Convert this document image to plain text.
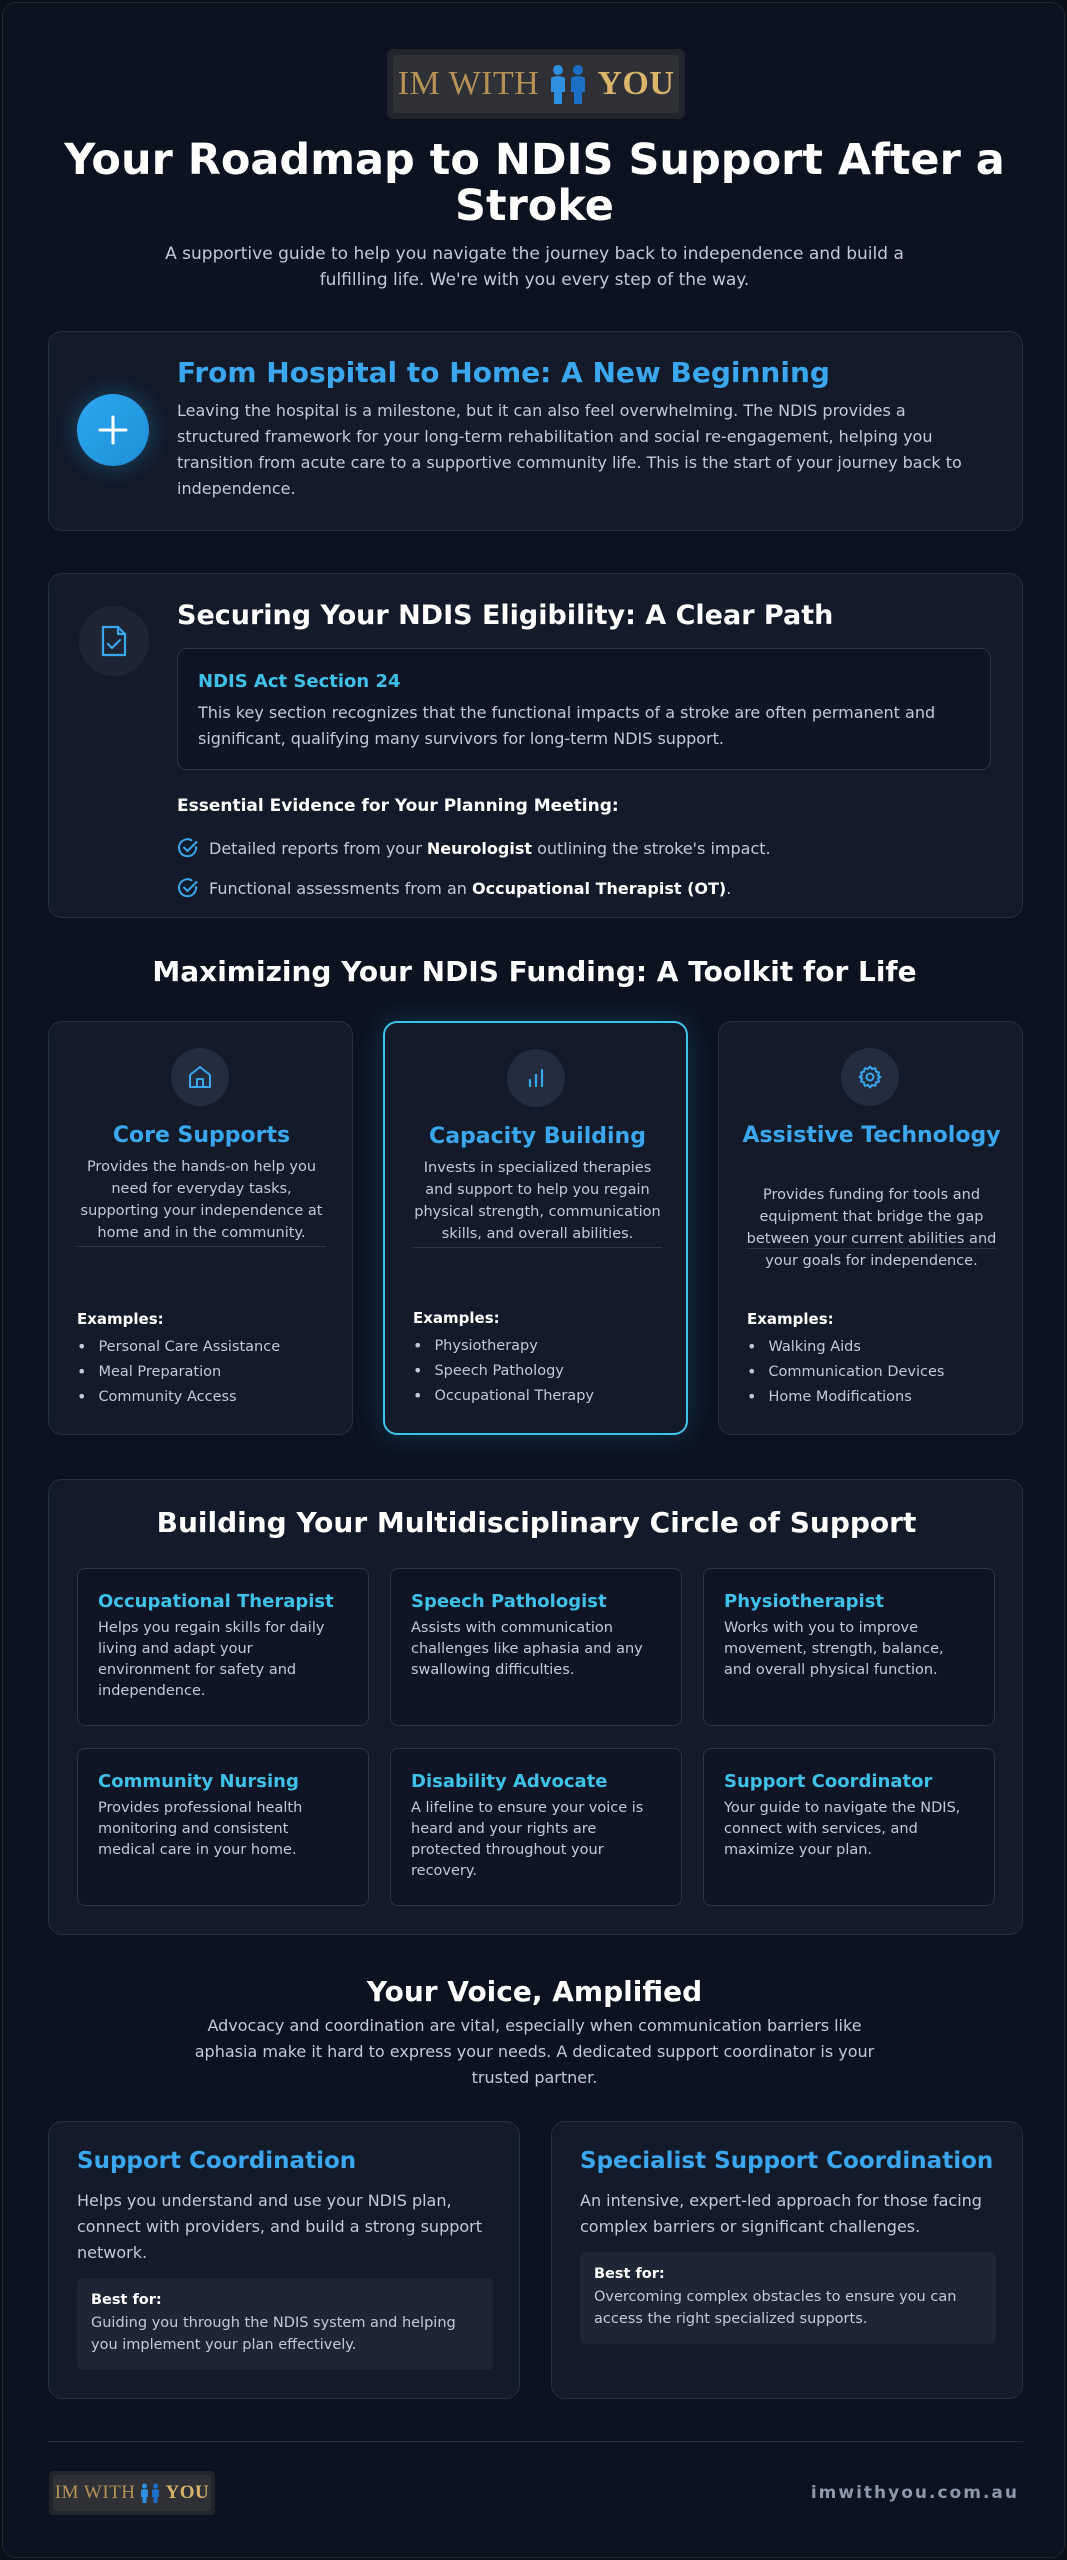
IM WITH YOU
Your Roadmap to NDIS Support After a Stroke

A supportive guide to help you navigate the journey back to independence and build a fulfilling life. We're with you every step of the way.

From Hospital to Home: A New Beginning

Leaving the hospital is a milestone, but it can also feel overwhelming. The NDIS provides a structured framework for your long-term rehabilitation and social re-engagement, helping you transition from acute care to a supportive community life. This is the start of your journey back to independence.

Securing Your NDIS Eligibility: A Clear Path
NDIS Act Section 24
This key section recognizes that the functional impacts of a stroke are often permanent and significant, qualifying many survivors for long-term NDIS support.
Essential Evidence for Your Planning Meeting:
Detailed reports from your Neurologist outlining the stroke's impact.
Functional assessments from an Occupational Therapist (OT).
Maximizing Your NDIS Funding: A Toolkit for Life
Core Supports
Provides the hands-on help you need for everyday tasks, supporting your independence at home and in the community.
Examples:
• Personal Care Assistance
• Meal Preparation
• Community Access
Capacity Building
Invests in specialized therapies and support to help you regain physical strength, communication skills, and overall abilities.
Examples:
• Physiotherapy
• Speech Pathology
• Occupational Therapy
Assistive Technology
Provides funding for tools and equipment that bridge the gap between your current abilities and your goals for independence.
Examples:
• Walking Aids
• Communication Devices
• Home Modifications
Building Your Multidisciplinary Circle of Support
Occupational Therapist
Helps you regain skills for daily living and adapt your environment for safety and independence.
Speech Pathologist
Assists with communication challenges like aphasia and any swallowing difficulties.
Physiotherapist
Works with you to improve movement, strength, balance, and overall physical function.
Community Nursing
Provides professional health monitoring and consistent medical care in your home.
Disability Advocate
A lifeline to ensure your voice is heard and your rights are protected throughout your recovery.
Support Coordinator
Your guide to navigate the NDIS, connect with services, and maximize your plan.
Your Voice, Amplified
Advocacy and coordination are vital, especially when communication barriers like aphasia make it hard to express your needs. A dedicated support coordinator is your trusted partner.
Support Coordination
Helps you understand and use your NDIS plan, connect with providers, and build a strong support network.
Best for:
Guiding you through the NDIS system and helping you implement your plan effectively.
Specialist Support Coordination
An intensive, expert-led approach for those facing complex barriers or significant challenges.
Best for:
Overcoming complex obstacles to ensure you can access the right specialized supports.
IM WITH YOU	imwithyou.com.au
